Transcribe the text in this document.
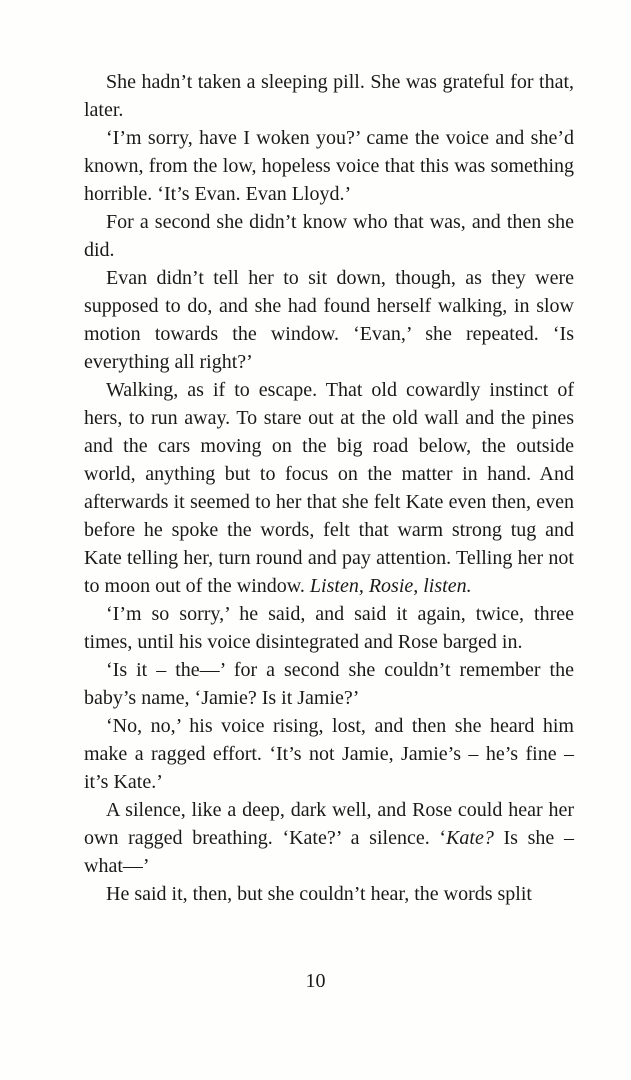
She hadn’t taken a sleeping pill. She was grateful for that, later.

‘I’m sorry, have I woken you?’ came the voice and she’d known, from the low, hopeless voice that this was something horrible. ‘It’s Evan. Evan Lloyd.’

For a second she didn’t know who that was, and then she did.

Evan didn’t tell her to sit down, though, as they were supposed to do, and she had found herself walking, in slow motion towards the window. ‘Evan,’ she repeated. ‘Is everything all right?’

Walking, as if to escape. That old cowardly instinct of hers, to run away. To stare out at the old wall and the pines and the cars moving on the big road below, the outside world, anything but to focus on the matter in hand. And afterwards it seemed to her that she felt Kate even then, even before he spoke the words, felt that warm strong tug and Kate telling her, turn round and pay attention. Telling her not to moon out of the window. Listen, Rosie, listen.

‘I’m so sorry,’ he said, and said it again, twice, three times, until his voice disintegrated and Rose barged in.

‘Is it – the—’ for a second she couldn’t remember the baby’s name, ‘Jamie? Is it Jamie?’

‘No, no,’ his voice rising, lost, and then she heard him make a ragged effort. ‘It’s not Jamie, Jamie’s – he’s fine – it’s Kate.’

A silence, like a deep, dark well, and Rose could hear her own ragged breathing. ‘Kate?’ a silence. ‘Kate? Is she – what—’

He said it, then, but she couldn’t hear, the words split

10
